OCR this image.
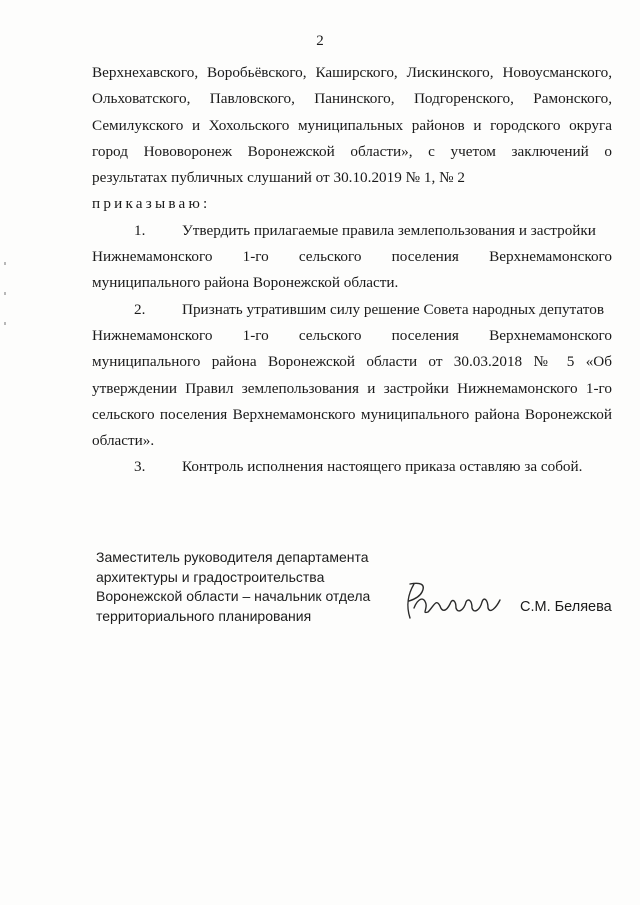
2
Верхнехавского, Воробьёвского, Каширского, Лискинского, Новоусманского,
Ольховатского, Павловского, Панинского, Подгоренского, Рамонского,
Семилукского и Хохольского муниципальных районов и городского округа
город Нововоронеж Воронежской области», с учетом заключений о
результатах публичных слушаний от 30.10.2019 № 1, № 2
приказываю:
1. Утвердить прилагаемые правила землепользования и застройки
Нижнемамонского 1-го сельского поселения Верхнемамонского
муниципального района Воронежской области.
2. Признать утратившим силу решение Совета народных депутатов
Нижнемамонского 1-го сельского поселения Верхнемамонского
муниципального района Воронежской области от 30.03.2018 № 5 «Об
утверждении Правил землепользования и застройки Нижнемамонского 1-го
сельского поселения Верхнемамонского муниципального района Воронежской
области».
3. Контроль исполнения настоящего приказа оставляю за собой.
Заместитель руководителя департамента
архитектуры и градостроительства
Воронежской области – начальник отдела
территориального планирования
С.М. Беляева
